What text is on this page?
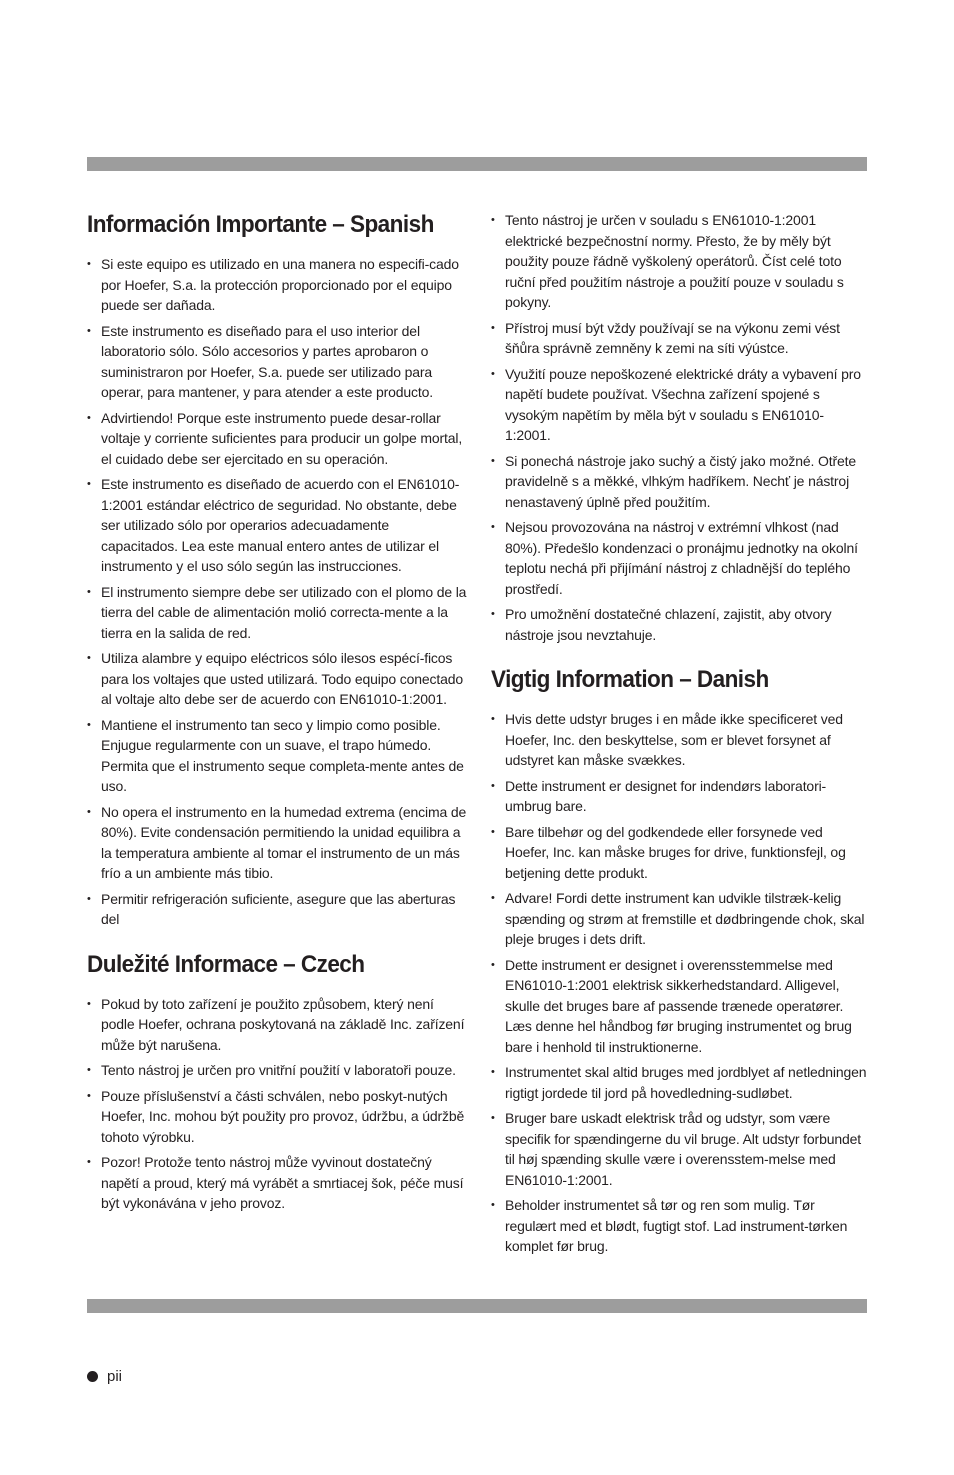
Información Importante – Spanish
• Si este equipo es utilizado en una manera no especifi-cado por Hoefer, S.a. la protección proporcionado por el equipo puede ser dañada.
• Este instrumento es diseñado para el uso interior del laboratorio sólo. Sólo accesorios y partes aprobaron o suministraron por Hoefer, S.a. puede ser utilizado para operar, para mantener, y para atender a este producto.
• Advirtiendo! Porque este instrumento puede desar-rollar voltaje y corriente suficientes para producir un golpe mortal, el cuidado debe ser ejercitado en su operación.
• Este instrumento es diseñado de acuerdo con el EN61010-1:2001 estándar eléctrico de seguridad. No obstante, debe ser utilizado sólo por operarios adecuadamente capacitados. Lea este manual entero antes de utilizar el instrumento y el uso sólo según las instrucciones.
• El instrumento siempre debe ser utilizado con el plomo de la tierra del cable de alimentación molió correcta-mente a la tierra en la salida de red.
• Utiliza alambre y equipo eléctricos sólo ilesos espécí-ficos para los voltajes que usted utilizará. Todo equipo conectado al voltaje alto debe ser de acuerdo con EN61010-1:2001.
• Mantiene el instrumento tan seco y limpio como posible. Enjugue regularmente con un suave, el trapo húmedo. Permita que el instrumento seque completa-mente antes de uso.
• No opera el instrumento en la humedad extrema (encima de 80%). Evite condensación permitiendo la unidad equilibra a la temperatura ambiente al tomar el instrumento de un más frío a un ambiente más tibio.
• Permitir refrigeración suficiente, asegure que las aberturas del
Duležité Informace – Czech
• Pokud by toto zařízení je použito způsobem, který není podle Hoefer, ochrana poskytovaná na základě Inc. zařízení může být narušena.
• Tento nástroj je určen pro vnitřní použití v laboratoři pouze.
• Pouze příslušenství a části schválen, nebo poskyt-nutých Hoefer, Inc. mohou být použity pro provoz, údržbu, a údržbě tohoto výrobku.
• Pozor! Protože tento nástroj může vyvinout dostatečný napětí a proud, který má vyrábět a smrtiacej šok, péče musí být vykonávána v jeho provoz.
• Tento nástroj je určen v souladu s EN61010-1:2001 elektrické bezpečnostní normy. Přesto, že by měly být použity pouze řádně vyškolený operátorů. Číst celé toto ruční před použitím nástroje a použití pouze v souladu s pokyny.
• Přístroj musí být vždy používají se na výkonu zemi vést šňůra správně zemněny k zemi na síti výústce.
• Využití pouze nepoškozené elektrické dráty a vybavení pro napětí budete používat. Všechna zařízení spojené s vysokým napětím by měla být v souladu s EN61010-1:2001.
• Si ponechá nástroje jako suchý a čistý jako možné. Otřete pravidelně s a měkké, vlhkým hadříkem. Nechť je nástroj nenastavený úplně před použitím.
• Nejsou provozována na nástroj v extrémní vlhkost (nad 80%). Předešlo kondenzaci o pronájmu jednotky na okolní teplotu nechá při přijímání nástroj z chladnější do teplého prostředí.
• Pro umožnění dostatečné chlazení, zajistit, aby otvory nástroje jsou nevztahuje.
Vigtig Information – Danish
• Hvis dette udstyr bruges i en måde ikke specificeret ved Hoefer, Inc. den beskyttelse, som er blevet forsynet af udstyret kan måske svækkes.
• Dette instrument er designet for indendørs laboratori-umbrug bare.
• Bare tilbehør og del godkendede eller forsynede ved Hoefer, Inc. kan måske bruges for drive, funktionsfejl, og betjening dette produkt.
• Advare! Fordi dette instrument kan udvikle tilstræk-kelig spænding og strøm at fremstille et dødbringende chok, skal pleje bruges i dets drift.
• Dette instrument er designet i overensstemmelse med EN61010-1:2001 elektrisk sikkerhedstandard. Alligevel, skulle det bruges bare af passende trænede operatører. Læs denne hel håndbog før bruging instrumentet og brug bare i henhold til instruktionerne.
• Instrumentet skal altid bruges med jordblyet af netledningen rigtigt jordede til jord på hovedledning-sudløbet.
• Bruger bare uskadt elektrisk tråd og udstyr, som være specifik for spændingerne du vil bruge. Alt udstyr forbundet til høj spænding skulle være i overensstem-melse med EN61010-1:2001.
• Beholder instrumentet så tør og ren som mulig. Tør regulært med et blødt, fugtigt stof. Lad instrument-tørken komplet før brug.
pii
